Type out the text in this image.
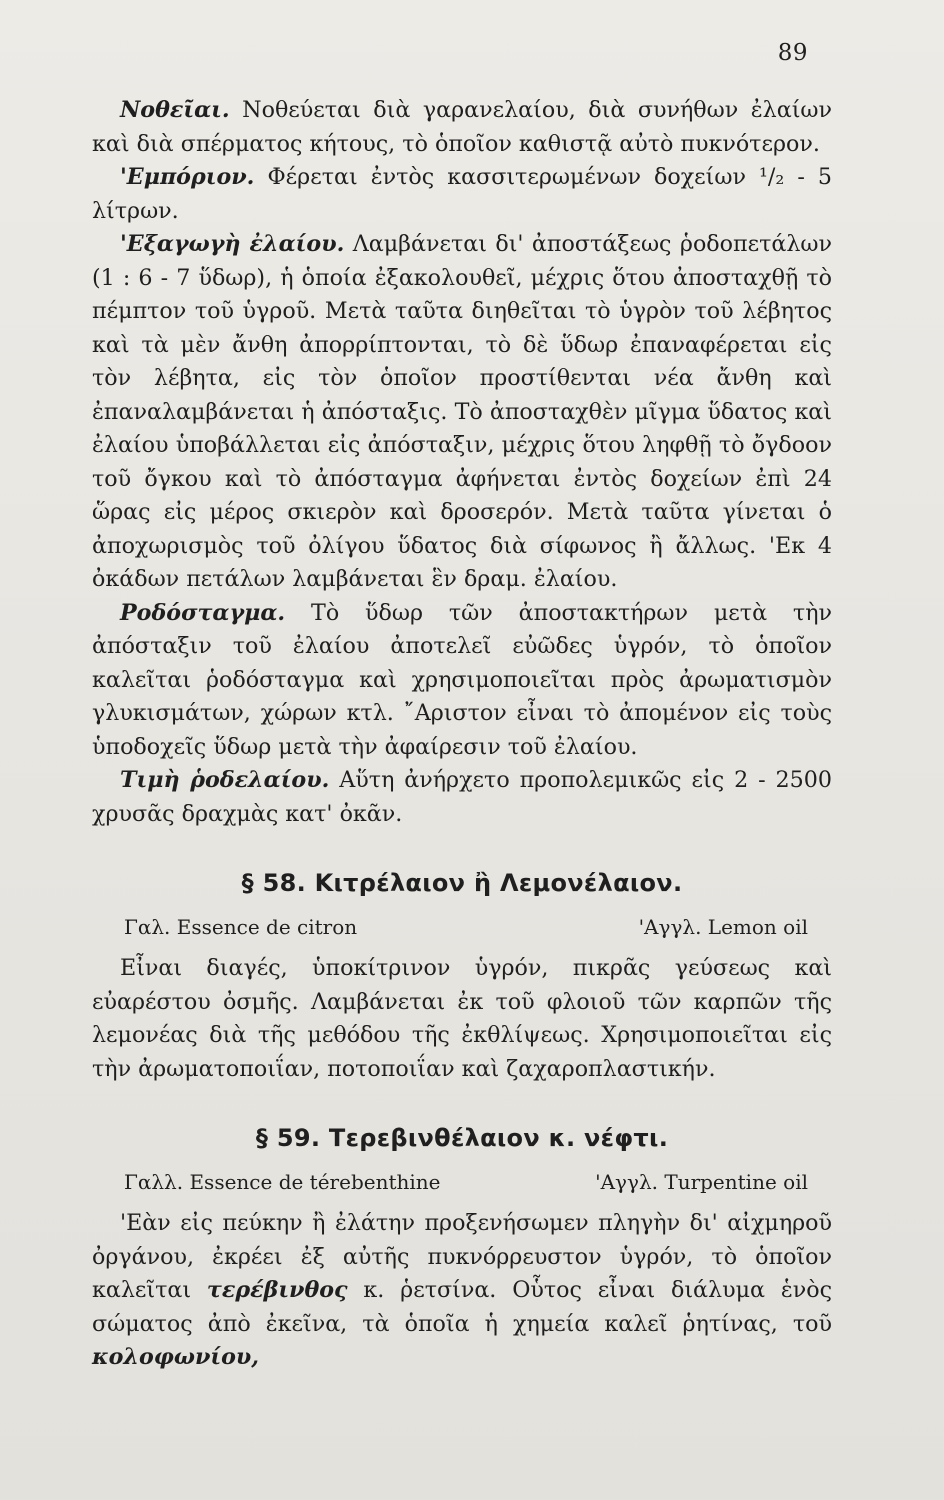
89

Νοθεῖαι. Νοθεύεται διὰ γαρανελαίου, διὰ συνήθων ἐλαίων καὶ διὰ σπέρματος κήτους, τὸ ὁποῖον καθιστᾷ αὐτὸ πυκνότερον.

'Εμπόριον. Φέρεται ἐντὸς κασσιτερωμένων δοχείων ¹/₂ - 5 λίτρων.

'Εξαγωγὴ ἐλαίου. Λαμβάνεται δι' ἀποστάξεως ῥοδοπετάλων (1 : 6 - 7 ὕδωρ), ἡ ὁποία ἐξακολουθεῖ, μέχρις ὅτου ἀποσταχθῇ τὸ πέμπτον τοῦ ὑγροῦ. Μετὰ ταῦτα διηθεῖται τὸ ὑγρὸν τοῦ λέβητος καὶ τὰ μὲν ἄνθη ἀπορρίπτονται, τὸ δὲ ὕδωρ ἐπαναφέρεται εἰς τὸν λέβητα, εἰς τὸν ὁποῖον προστίθενται νέα ἄνθη καὶ ἐπαναλαμβάνεται ἡ ἀπόσταξις. Τὸ ἀποσταχθὲν μῖγμα ὕδατος καὶ ἐλαίου ὑποβάλλεται εἰς ἀπόσταξιν, μέχρις ὅτου ληφθῇ τὸ ὄγδοον τοῦ ὄγκου καὶ τὸ ἀπόσταγμα ἀφήνεται ἐντὸς δοχείων ἐπὶ 24 ὥρας εἰς μέρος σκιερὸν καὶ δροσερόν. Μετὰ ταῦτα γίνεται ὁ ἀποχωρισμὸς τοῦ ὀλίγου ὕδατος διὰ σίφωνος ἢ ἄλλως. 'Εκ 4 ὀκάδων πετάλων λαμβάνεται ἓν δραμ. ἐλαίου.

Ροδόσταγμα. Τὸ ὕδωρ τῶν ἀποστακτήρων μετὰ τὴν ἀπόσταξιν τοῦ ἐλαίου ἀποτελεῖ εὐῶδες ὑγρόν, τὸ ὁποῖον καλεῖται ῥοδόσταγμα καὶ χρησιμοποιεῖται πρὸς ἀρωματισμὸν γλυκισμάτων, χώρων κτλ. ῎Αριστον εἶναι τὸ ἀπομένον εἰς τοὺς ὑποδοχεῖς ὕδωρ μετὰ τὴν ἀφαίρεσιν τοῦ ἐλαίου.

Τιμὴ ῥοδελαίου. Αὕτη ἀνήρχετο προπολεμικῶς εἰς 2 - 2500 χρυσᾶς δραχμὰς κατ' ὀκᾶν.

§ 58. Κιτρέλαιον ἢ Λεμονέλαιον.
Γαλ. Essence de citron	'Αγγλ. Lemon oil

Εἶναι διαγές, ὑποκίτρινον ὑγρόν, πικρᾶς γεύσεως καὶ εὐαρέστου ὀσμῆς. Λαμβάνεται ἐκ τοῦ φλοιοῦ τῶν καρπῶν τῆς λεμονέας διὰ τῆς μεθόδου τῆς ἐκθλίψεως. Χρησιμοποιεῖται εἰς τὴν ἀρωματοποιΐαν, ποτοποιΐαν καὶ ζαχαροπλαστικήν.

§ 59. Τερεβινθέλαιον κ. νέφτι.
Γαλλ. Essence de térebenthine	'Αγγλ. Turpentine oil

'Εὰν εἰς πεύκην ἢ ἐλάτην προξενήσωμεν πληγὴν δι' αἰχμηροῦ ὀργάνου, ἐκρέει ἐξ αὐτῆς πυκνόρρευστον ὑγρόν, τὸ ὁποῖον καλεῖται τερέβινθος κ. ῥετσίνα. Οὗτος εἶναι διάλυμα ἑνὸς σώματος ἀπὸ ἐκεῖνα, τὰ ὁποῖα ἡ χημεία καλεῖ ῥητίνας, τοῦ κολοφωνίου,
